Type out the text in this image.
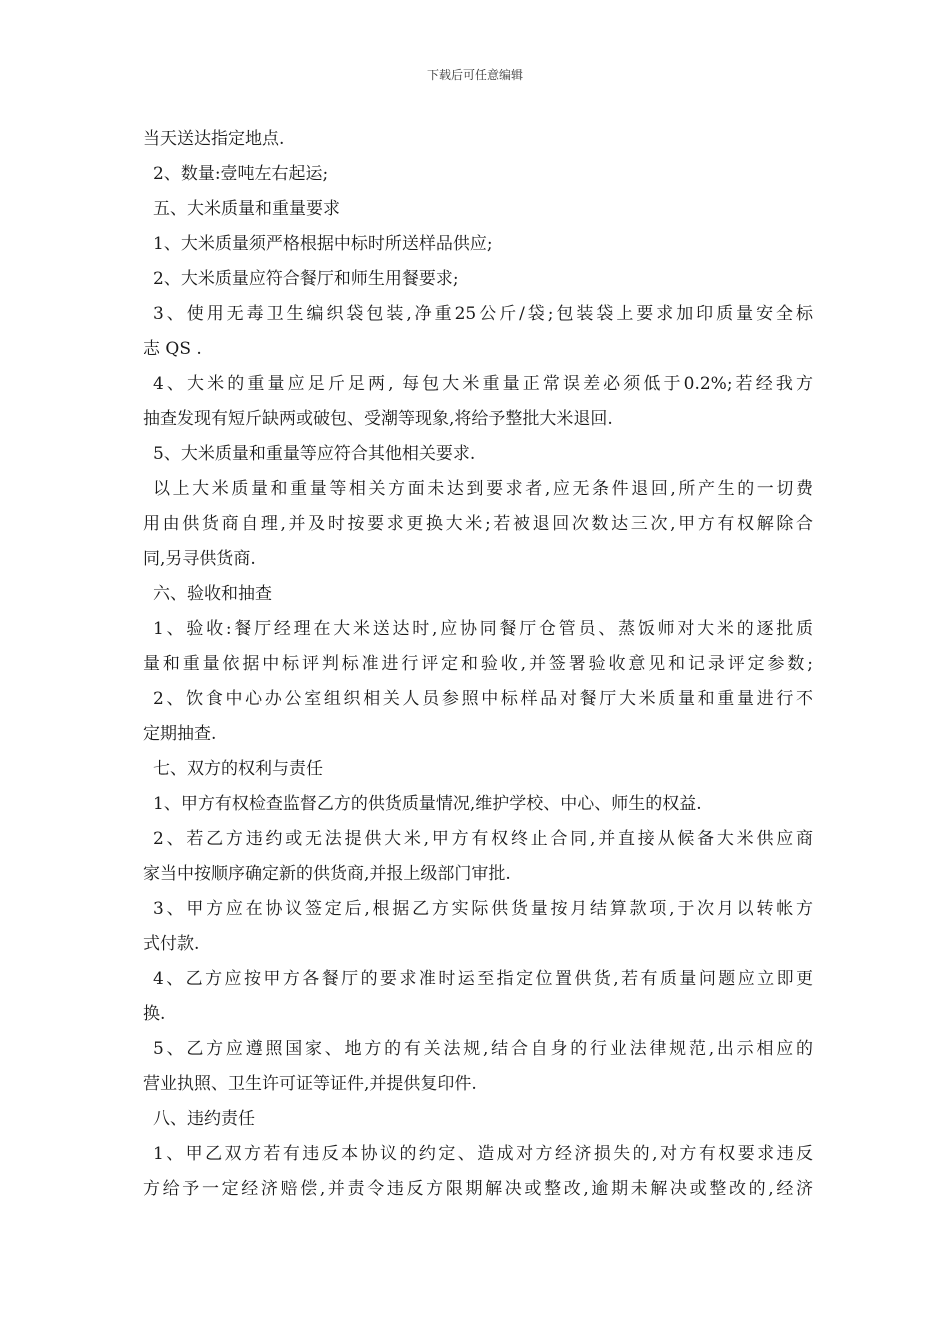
下载后可任意编辑
当天送达指定地点.
2、数量:壹吨左右起运;
五、大米质量和重量要求
1、大米质量须严格根据中标时所送样品供应;
2、大米质量应符合餐厅和师生用餐要求;
3、使用无毒卫生编织袋包装,净重25公斤/袋;包装袋上要求加印质量安全标
志 QS .
4、大米的重量应足斤足两, 每包大米重量正常误差必须低于0.2%;若经我方
抽查发现有短斤缺两或破包、受潮等现象,将给予整批大米退回.
5、大米质量和重量等应符合其他相关要求.
以上大米质量和重量等相关方面未达到要求者,应无条件退回,所产生的一切费
用由供货商自理,并及时按要求更换大米;若被退回次数达三次,甲方有权解除合
同,另寻供货商.
六、验收和抽查
1、验收:餐厅经理在大米送达时,应协同餐厅仓管员、蒸饭师对大米的逐批质
量和重量依据中标评判标准进行评定和验收,并签署验收意见和记录评定参数;
2、饮食中心办公室组织相关人员参照中标样品对餐厅大米质量和重量进行不
定期抽查.
七、双方的权利与责任
1、甲方有权检查监督乙方的供货质量情况,维护学校、中心、师生的权益.
2、若乙方违约或无法提供大米,甲方有权终止合同,并直接从候备大米供应商
家当中按顺序确定新的供货商,并报上级部门审批.
3、甲方应在协议签定后,根据乙方实际供货量按月结算款项,于次月以转帐方
式付款.
4、乙方应按甲方各餐厅的要求准时运至指定位置供货,若有质量问题应立即更
换.
5、乙方应遵照国家、地方的有关法规,结合自身的行业法律规范,出示相应的
营业执照、卫生许可证等证件,并提供复印件.
八、违约责任
1、甲乙双方若有违反本协议的约定、造成对方经济损失的,对方有权要求违反
方给予一定经济赔偿,并责令违反方限期解决或整改,逾期未解决或整改的,经济
